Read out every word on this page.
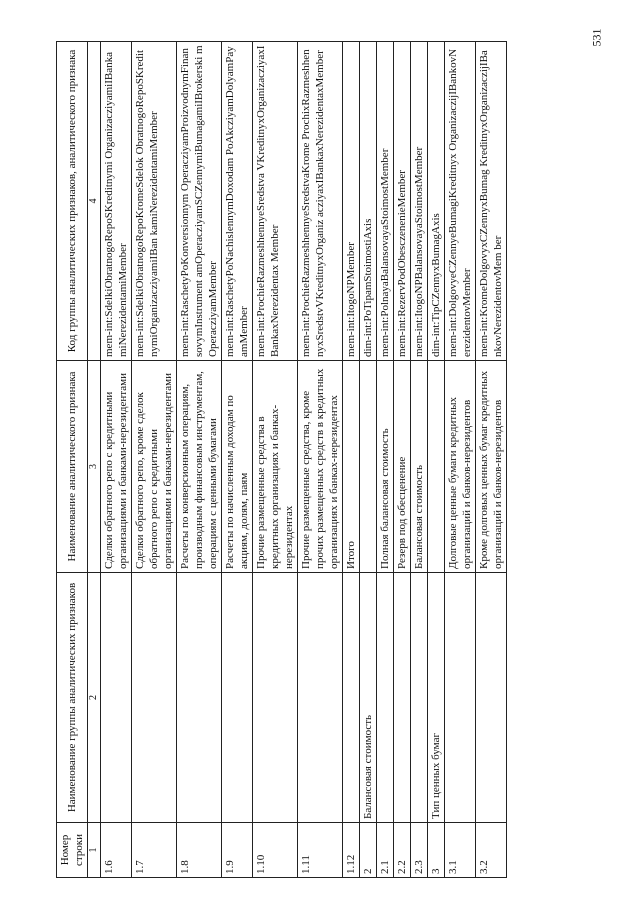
531
Номер строки	Наименование группы аналитических признаков	Наименование аналитического признака	Код группы аналитических признаков, аналитического признака
1	2	3	4
1.6		Сделки обратного репо с кредитными организациями и банками-нерезидентами	mem-int:SdelkiObratnogoRepoSKreditnymi OrganizacziyamiIBankamiNerezidentamiMember
1.7		Сделки обратного репо, кроме сделок обратного репо с кредитными организациями и банками-нерезидентами	mem-int:SdelkiObratnogoRepoKromeSdelok ObratnogoRepoSKreditnymiOrganizacziyamiIBan kamiNerezidentamiMember
1.8		Расчеты по конверсионным операциям, производным финансовым инструментам, операциям с ценными бумагами	mem-int:RaschetyPoKonversionnym OperacziyamProizvodnymFinansovymInstrument amOperacziyamSCZennymiBumagamiIBrokerski mOperacziyamMember
1.9		Расчеты по начисленным доходам по акциям, долям, паям	mem-int:RaschetyPoNachislennymDoxodam PoAkcziyamDolyamPayamMember
1.10		Прочие размещенные средства в кредитных организациях и банках-нерезидентах	mem-int:ProchieRazmeshhennyeSredstva VKreditnyxOrganizacziyaxIBankaxNerezidentax Member
1.11		Прочие размещенные средства, кроме прочих размещенных средств в кредитных организациях и банках-нерезидентах	mem-int:ProchieRazmeshhennyeSredstvaKrome ProchixRazmeshhennyxSredstvVKreditnyxOrganiz acziyaxIBankaxNerezidentaxMember
1.12		Итого	mem-int:ItogoNPMember
2	Балансовая стоимость		dim-int:PoTipamStoimostiAxis
2.1		Полная балансовая стоимость	mem-int:PolnayaBalansovayaStoimostMember
2.2		Резерв под обесценение	mem-int:RezervPodObesczenenieMember
2.3		Балансовая стоимость	mem-int:ItogoNPBalansovayaStoimostMember
3	Тип ценных бумаг		dim-int:TipCZennyxBumagAxis
3.1		Долговые ценные бумаги кредитных организаций и банков-нерезидентов	mem-int:DolgovyeCZennyeBumagiKreditnyx OrganizaczijIBankovNerezidentovMember
3.2		Кроме долговых ценных бумаг кредитных организаций и банков-нерезидентов	mem-int:KromeDolgovyxCZennyxBumag KreditnyxOrganizaczijIBankovNerezidentovMem ber
